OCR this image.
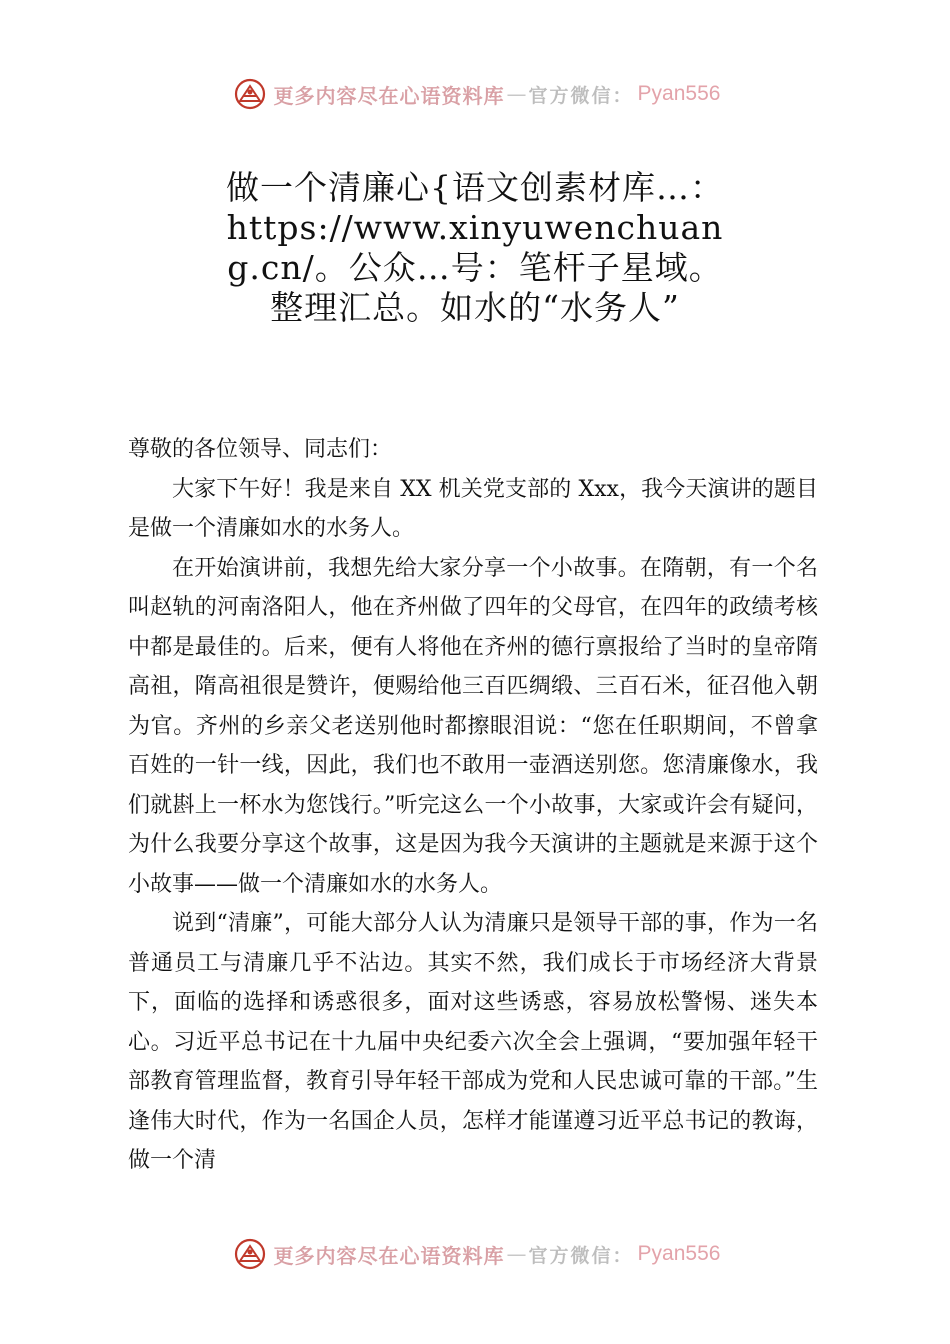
更多内容尽在心语资料库 — 官方微信： Pyan556
做一个清廉心{语文创素材库…：https://www.xinyuwenchuang.cn/。公众…号：笔杆子星域。整理汇总。如水的“水务人”

尊敬的各位领导、同志们：

大家下午好！我是来自 XX 机关党支部的 Xxx，我今天演讲的题目是做一个清廉如水的水务人。

在开始演讲前，我想先给大家分享一个小故事。在隋朝，有一个名叫赵轨的河南洛阳人，他在齐州做了四年的父母官，在四年的政绩考核中都是最佳的。后来，便有人将他在齐州的德行禀报给了当时的皇帝隋高祖，隋高祖很是赞许，便赐给他三百匹绸缎、三百石米，征召他入朝为官。齐州的乡亲父老送别他时都擦眼泪说：“您在任职期间，不曾拿百姓的一针一线，因此，我们也不敢用一壶酒送别您。您清廉像水，我们就斟上一杯水为您饯行。”听完这么一个小故事，大家或许会有疑问， 为什么我要分享这个故事，这是因为我今天演讲的主题就是来源于这个小故事——做一个清廉如水的水务人。

说到“清廉”，可能大部分人认为清廉只是领导干部的事，作为一名普通员工与清廉几乎不沾边。其实不然，我们成长于市场经济大背景下，面临的选择和诱惑很多，面对这些诱惑，容易放松警惕、迷失本心。习近平总书记在十九届中央纪委六次全会上强调，“要加强年轻干部教育管理监督，教育引导年轻干部成为党和人民忠诚可靠的干部。”生逢伟大时代，作为一名国企人员，怎样才能谨遵习近平总书记的教诲，做一个清

更多内容尽在心语资料库 — 官方微信： Pyan556
